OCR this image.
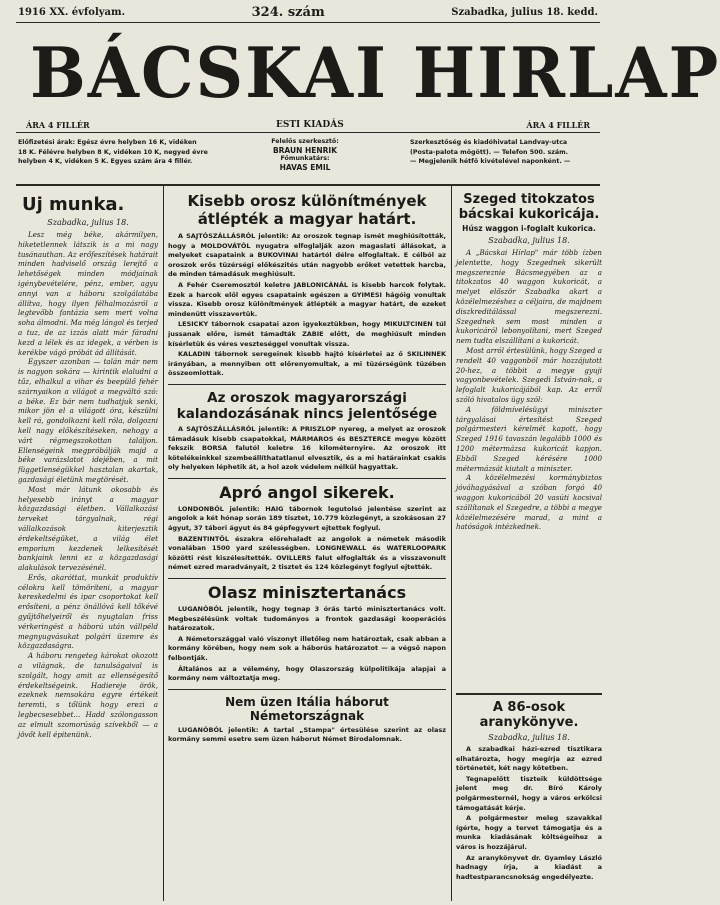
1916 XX. évfolyam.	324. szám	Szabadka, julius 18. kedd.
BÁCSKAI HIRLAP
ÁRA 4 FILLÉR	ESTI KIADÁS	ÁRA 4 FILLÉR
Előfizetési árak: Egész évre helyben 16 K, vidéken
18 K. Félévre helyben 8 K, vidéken 10 K, negyed évre
helyben 4 K, vidéken 5 K. Egyes szám ára 4 fillér.
Felelős szerkesztő:
BRAUN HENRIK
Főmunkatárs:
HAVAS EMIL
Szerkesztőség és kiadóhivatal Landvay-utca
(Posta-palota mögött). — Telefon 500. szám.
— Megjelenik hétfő kivételével naponként. —
Uj munka.
Szabadka, julius 18.

Lesz még béke, akármilyen, hiketetlennek látszik is a mi nagy tusánauthan. Az erőfeszítések határait minden hadviselő ország lerejtő a lehetőségek minden módjainak igénybevételére, pénz, ember, agyu annyi van a háboru szolgálatába állítva, hogy ilyen félhalmozásról a legtevőbb fantázia sem mert volna soha álmodni. Ma még lángol és terjed a tuz, de az izzás alatt már fáradni kezd a lélek és az idegek, a vérben is kerékbe vágó próbát ád állítását.

Egyszer azonban — talán már nem is nagyon sokára — kirintik elaludni a tűz, elhalkul a vihar és beepülő fehér szárnyaikon a világot a megváltó szó: a béke. Ez bár nem tudhatjuk senki, mikor jön el a világott óra, készülni kell rá, gondolkozni kell róla, dolgozni kell nagy előkészítéseken, nehogy a várt régmegszokottan találjon. Ellenségeink megpróbálják majd a béke varázslatot idejében, a mit függetlenségükkel hasztalan akartak, gazdasági életünk megtörését.

Most már látunk okosabb és helyesebb irányt a magyar közgazdasági életben. Vállalkozási terveket tárgyalnak, régi vállalkozások kiterjesztik érdekeltségüket, a világ élet emporium kezdenek lelkesítését bankjaink lenni ez a közgazdasági alakulások tervezésénél.

Erős, akaróttat, munkát produktív célokra kell tömöríteni, a magyar kereskedelmi és ipar csoportokat kell erősíteni, a pénz önállóvá kell tőkévé gyűjtőhelyeiről és nyugtalan friss vérkeringést a háború után vállpéld megnyugvásukat polgári üzemre és közgazdaságra.

A háboru rengeteg károkat okozott a világnak, de tanulságaival is szolgált, hogy amit az ellenségesítő érdekeltségeink. Hadiereje örök, ezeknek nemsokára egyre értékeit teremti, s tőlünk hogy erezi a legbecsesebbet... Hadd szólongasson az elmult szomorúság szívekből — a jövőt kell épitenünk.

Kisebb orosz különítmények átlépték a magyar határt.

A SAJTÓSZÁLLÁSRÓL jelentik: Az oroszok tegnap ismét meghiúsították, hogy a MOLDOVÁTÓL nyugatra elfoglalják azon magaslati állásokat, a melyeket csapataink a BUKOVINAI határtól délre elfoglaltak. E célból az oroszok erős tüzérségi előkészités után nagyobb erőket vetettek harcba, de minden támadásuk meghiúsult.

A Fehér Cseremosztól keletre JABLONICÁNÁL is kisebb harcok folytak. Ezek a harcok elől egyes csapataink egészen a GYIMESI hágóig vonultak vissza. Kisebb orosz különítmények átlépték a magyar határt, de ezeket mindenütt visszavertük.

LESICKY tábornok csapatai azon igyekeztükben, hogy MIKULTCINEN túl jussanak előre, ismét támadták ZABIE előtt, de meghiúsult minden kísérletük és véres veszteséggel vonultak vissza.

KALADIN tábornok seregeinek kisebb hajtó kísérletei az ő SKILINNEK irányában, a mennyiben ott előrenyomultak, a mi tüzérségünk tüzében összeomlottak.

Az oroszok magyarországi kalandozásának nincs jelentősége

A SAJTÓSZÁLLÁSRÓL jelentik: A PRISZLOP nyereg, a melyet az oroszok támadásuk kisebb csapatokkal, MÁRMAROS és BESZTERCE megye között fekszik BORSA falutól keletre 16 kilométernyire. Az oroszok itt kötelékeinkkel szembeállíthatatlanul elvesztik, és a mi határainkat csakis oly helyeken léphetik át, a hol azok védelem nélkül hagyattak.

Apró angol sikerek.

LONDONBÓL jelentik: HAIG tábornok legutolsó jelentése szerint az angolok a két hónap során 189 tisztet, 10.779 közlegényt, a szokásosan 27 ágyut, 37 tábori ágyut és 84 gépfegyvert ejtettek foglyul.

BAZENTINTŐL északra előrehaladt az angolok a németek második vonalában 1500 yard szélességben. LONGNEWALL és WATERLOOPARK közötti rést kiszélesítették. OVILLERS falut elfoglalták és a visszavonult német ezred maradványait, 2 tisztet és 124 közlegényt foglyul ejtették.

Olasz minisztertanács

LUGANÓBÓL jelentik, hogy tegnap 3 órás tartó minisztertanács volt. Megbeszélésünk voltak tudományos a frontok gazdasági kooperációs határozatok.

A Németországgal való viszonyt illetőleg nem határoztak, csak abban a kormány körében, hogy nem sok a háborús határozatot — a végső napon felbontják.

Általános az a vélemény, hogy Olaszország külpolitikája alapjai a kormány nem változtatja meg.

Nem üzen Itália háborut Németországnak

LUGANÓBÓL jelentik: A tartal „Stampa" értesülése szerint az olasz kormány semmi esetre sem üzen háborut Német Birodalomnak.

Szeged titokzatos bácskai kukoricája.
Húsz waggon i-foglalt kukorica.
Szabadka, julius 18.

A „Bácskai Hírlap" már több ízben jelentette, hogy Szegednek sikerült megszereznie Bácsmegyében az a titokzatos 40 waggon kukoricát, a melyet először Szabadka akart a közélelmezéshez a céljaira, de majdnem diszkreditálással megszerezni. Szegednek sem most minden a kukoricáról lebonyolítani, mert Szeged nem tudta elszállítani a kukoricát.

Most arról értesülünk, hogy Szeged a rendelt 40 vaggonból már hozzájutott 20-hez, a többit a megye gyuji vagyonbevételek. Szegedi István-nak, a lefoglalt kukoricájából kap. Az erről szóló hivatalos ügy szól:

A földmívelésügyi miniszter tárgyalásai értesítést Szeged polgármesteri kérelmét kapott, hogy Szeged 1916 tavaszán legalább 1000 és 1200 métermázsa kukoricát kapjon. Ebből Szeged kérésére 1000 métermázsát kiutalt a miniszter.

A közélelmezési kormánybiztos jóváhagyásával a szóban forgó 40 waggon kukoricából 20 vasúti kocsival szállítanak el Szegedre, a többi a megye közélelmezésére marad, a mint a hatóságok intézkednek.

A 86-osok aranykönyve.
Szabadka, julius 18.

A szabadkai házi-ezred tisztikara elhatározta, hogy megírja az ezred történetét, két nagy kötetben.

Tegnapelőtt tiszteik küldöttsége jelent meg dr. Bíró Károly polgármesternél, hogy a város erkölcsi támogatását kérje.

A polgármester meleg szavakkal ígérte, hogy a tervet támogatja és a munka kiadásának költségeihez a város is hozzájárul.

Az aranykönyvet dr. Gyamley László hadnagy írja, a kiadást a hadtestparancsnokság engedélyezte.
